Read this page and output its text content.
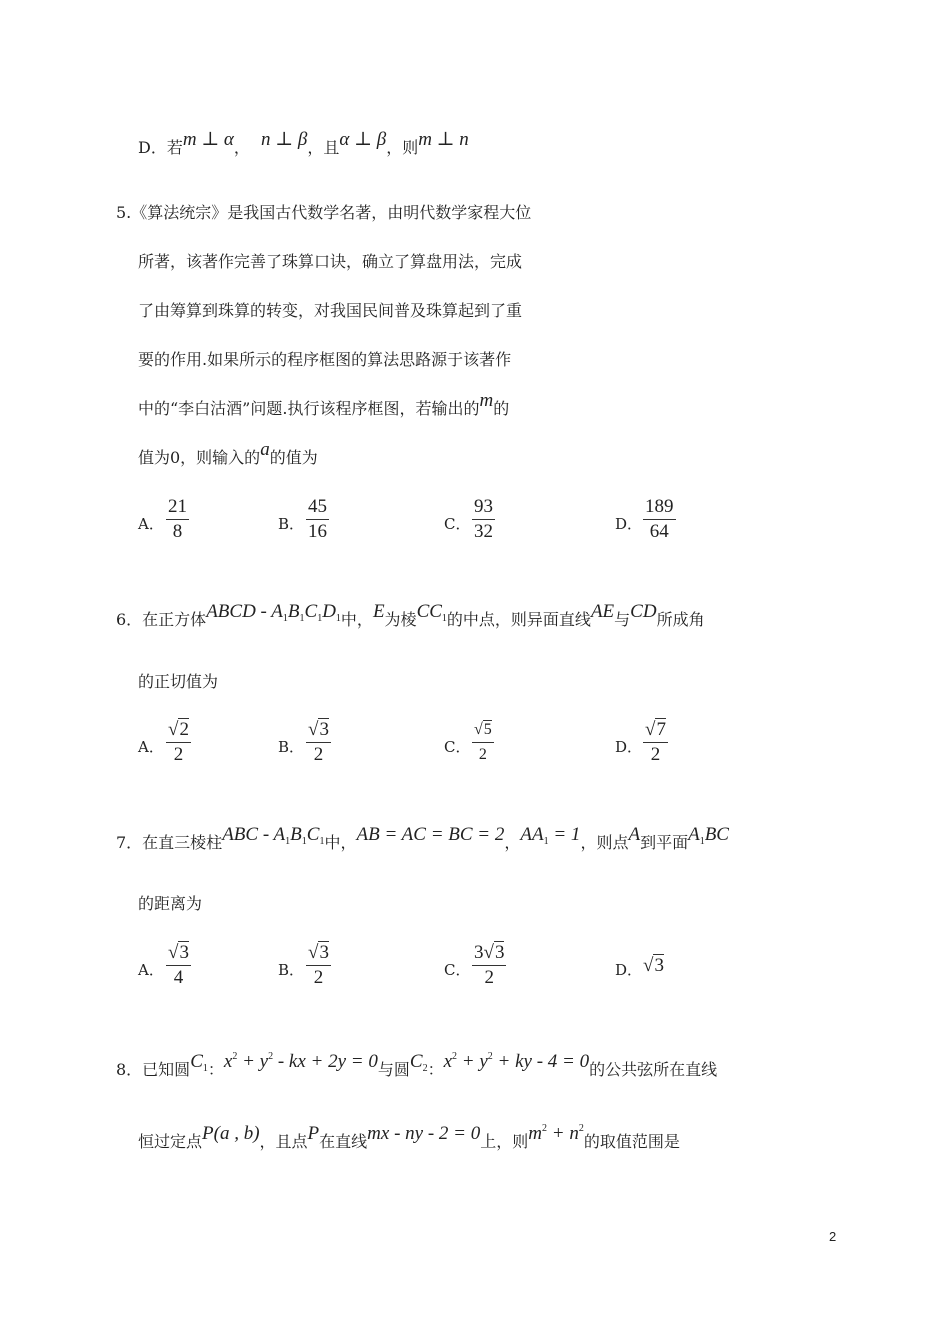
D．若m ⊥ α， n ⊥ β，且α ⊥ β，则m ⊥ n
5.《算法统宗》是我国古代数学名著，由明代数学家程大位
所著，该著作完善了珠算口诀，确立了算盘用法，完成
了由筹算到珠算的转变，对我国民间普及珠算起到了重
要的作用.如果所示的程序框图的算法思路源于该著作
中的“李白沽酒”问题.执行该程序框图，若输出的m的
值为0，则输入的a的值为
A． $\frac{21}{8}$	B． $\frac{45}{16}$	C． $\frac{93}{32}$	D． $\frac{189}{64}$
6．在正方体ABCD - $A_1B_1C_1D_1$中，E为棱$CC_1$的中点，则异面直线AE与CD所成角
的正切值为
A． $\frac{√2}{2}$	B． $\frac{√3}{2}$	C． $\frac{√5}{2}$	D． $\frac{√7}{2}$
7．在直三棱柱ABC - $A_1B_1C_1$中，AB = AC = BC = 2，$AA_1 = 1$，则点A到平面$A_1BC$
的距离为
A． $\frac{√3}{4}$	B． $\frac{√3}{2}$	C． $\frac{3√3}{2}$	D． √3
8．已知圆$C_1$：$x^2 + y^2$ - kx + 2y = 0与圆$C_2$：$x^2 + y^2$ + ky - 4 = 0的公共弦所在直线
恒过定点P(a , b)，且点P在直线mx - ny - 2 = 0上，则$m^2 + n^2$的取值范围是
2
